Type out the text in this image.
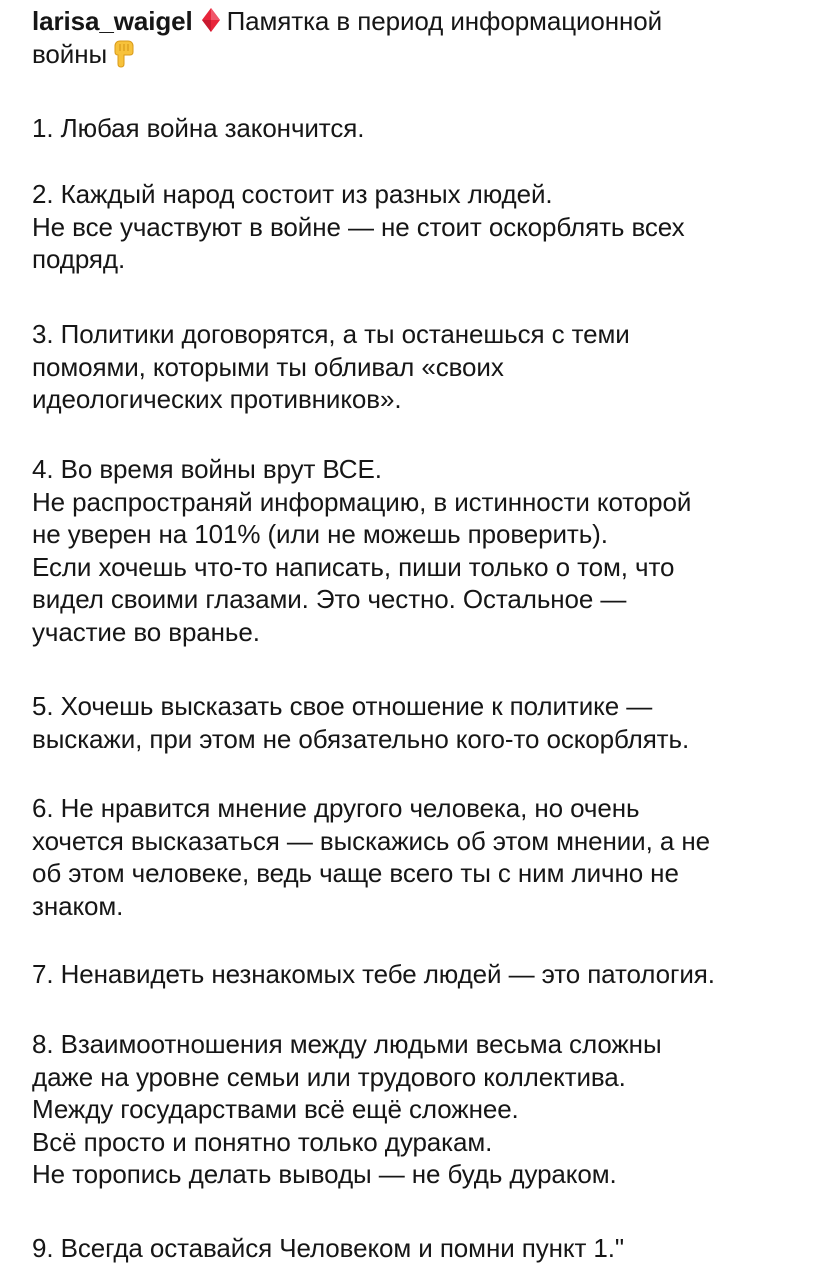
larisa_waigel Памятка в период информационной
войны
1. Любая война закончится.
2. Каждый народ состоит из разных людей.
Не все участвуют в войне — не стоит оскорблять всех
подряд.
3. Политики договорятся, а ты останешься с теми
помоями, которыми ты обливал «своих
идеологических противников».
4. Во время войны врут ВСЕ.
Не распространяй информацию, в истинности которой
не уверен на 101% (или не можешь проверить).
Если хочешь что-то написать, пиши только о том, что
видел своими глазами. Это честно. Остальное —
участие во вранье.
5. Хочешь высказать свое отношение к политике —
выскажи, при этом не обязательно кого-то оскорблять.
6. Не нравится мнение другого человека, но очень
хочется высказаться — выскажись об этом мнении, а не
об этом человеке, ведь чаще всего ты с ним лично не
знаком.
7. Ненавидеть незнакомых тебе людей — это патология.
8. Взаимоотношения между людьми весьма сложны
даже на уровне семьи или трудового коллектива.
Между государствами всё ещё сложнее.
Всё просто и понятно только дуракам.
Не торопись делать выводы — не будь дураком.
9. Всегда оставайся Человеком и помни пункт 1."
